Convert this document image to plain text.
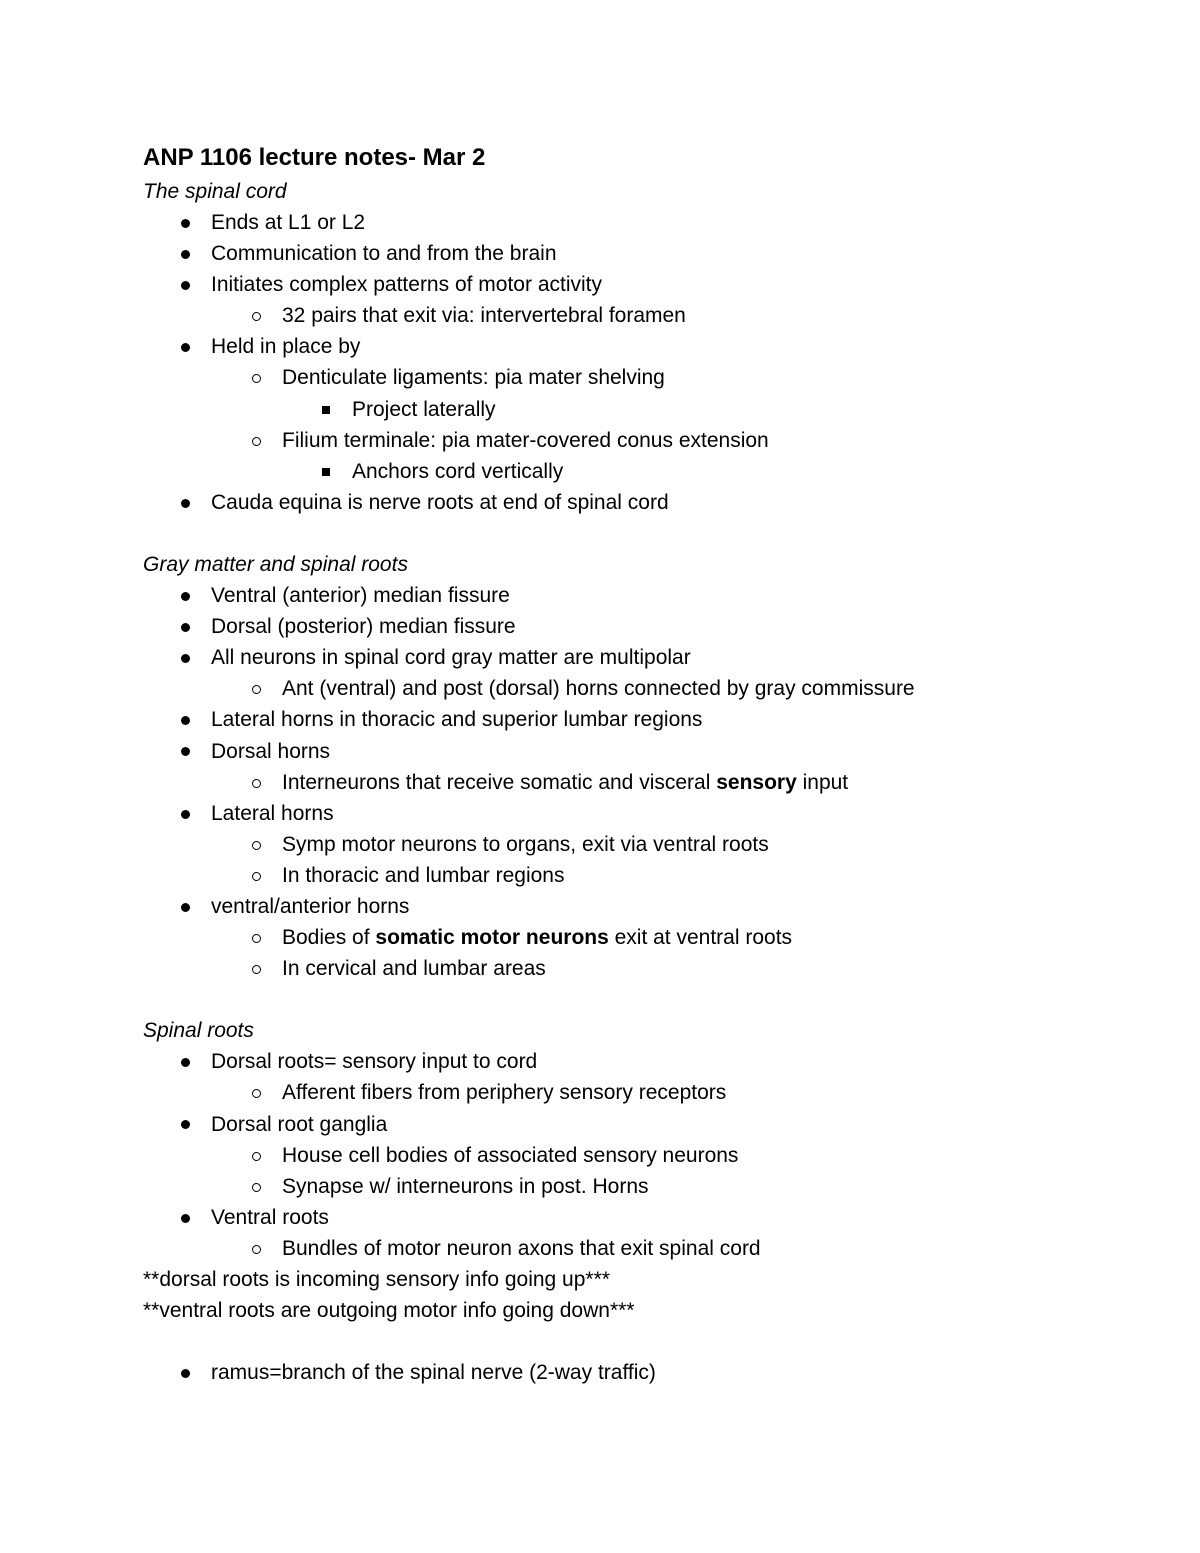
ANP 1106 lecture notes- Mar 2
The spinal cord
Ends at L1 or L2
Communication to and from the brain
Initiates complex patterns of motor activity
32 pairs that exit via: intervertebral foramen
Held in place by
Denticulate ligaments: pia mater shelving
Project laterally
Filium terminale: pia mater-covered conus extension
Anchors cord vertically
Cauda equina is nerve roots at end of spinal cord
Gray matter and spinal roots
Ventral (anterior) median fissure
Dorsal (posterior) median fissure
All neurons in spinal cord gray matter are multipolar
Ant (ventral) and post (dorsal) horns connected by gray commissure
Lateral horns in thoracic and superior lumbar regions
Dorsal horns
Interneurons that receive somatic and visceral sensory input
Lateral horns
Symp motor neurons to organs, exit via ventral roots
In thoracic and lumbar regions
ventral/anterior horns
Bodies of somatic motor neurons exit at ventral roots
In cervical and lumbar areas
Spinal roots
Dorsal roots= sensory input to cord
Afferent fibers from periphery sensory receptors
Dorsal root ganglia
House cell bodies of associated sensory neurons
Synapse w/ interneurons in post. Horns
Ventral roots
Bundles of motor neuron axons that exit spinal cord
**dorsal roots is incoming sensory info going up***
**ventral roots are outgoing motor info going down***
ramus=branch of the spinal nerve (2-way traffic)
